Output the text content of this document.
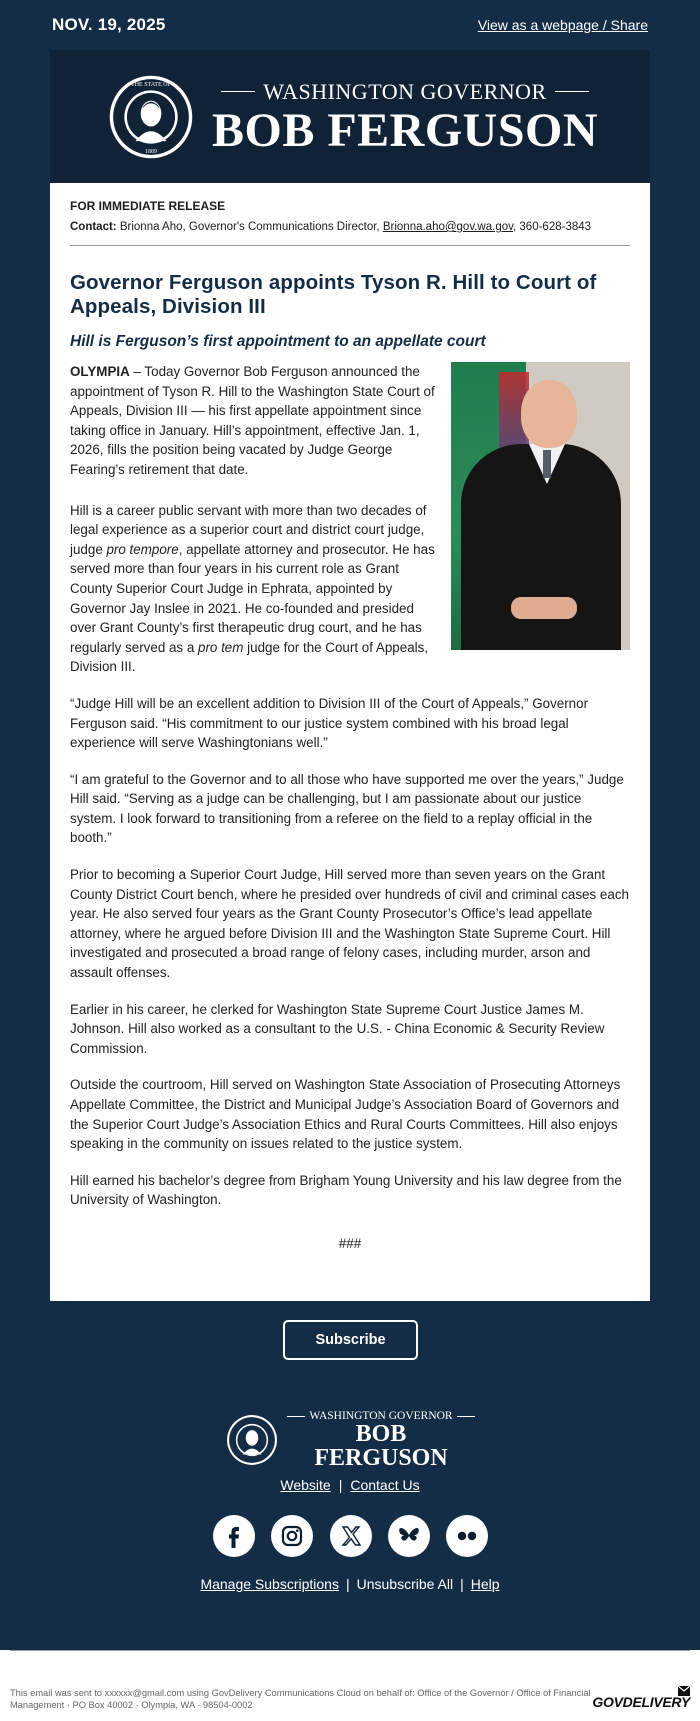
NOV. 19, 2025	View as a webpage / Share
THE STATE OF
1889
WASHINGTON GOVERNOR
BOB FERGUSON
FOR IMMEDIATE RELEASE
Contact: Brionna Aho, Governor's Communications Director, Brionna.aho@gov.wa.gov, 360-628-3843
Governor Ferguson appoints Tyson R. Hill to Court of Appeals, Division III
Hill is Ferguson’s first appointment to an appellate court

OLYMPIA – Today Governor Bob Ferguson announced the appointment of Tyson R. Hill to the Washington State Court of Appeals, Division III — his first appellate appointment since taking office in January. Hill’s appointment, effective Jan. 1, 2026, fills the position being vacated by Judge George Fearing’s retirement that date.

Hill is a career public servant with more than two decades of legal experience as a superior court and district court judge, judge pro tempore, appellate attorney and prosecutor. He has served more than four years in his current role as Grant County Superior Court Judge in Ephrata, appointed by Governor Jay Inslee in 2021. He co-founded and presided over Grant County’s first therapeutic drug court, and he has regularly served as a pro tem judge for the Court of Appeals, Division III.

“Judge Hill will be an excellent addition to Division III of the Court of Appeals,” Governor Ferguson said. “His commitment to our justice system combined with his broad legal experience will serve Washingtonians well.”

“I am grateful to the Governor and to all those who have supported me over the years,” Judge Hill said. “Serving as a judge can be challenging, but I am passionate about our justice system. I look forward to transitioning from a referee on the field to a replay official in the booth.”

Prior to becoming a Superior Court Judge, Hill served more than seven years on the Grant County District Court bench, where he presided over hundreds of civil and criminal cases each year. He also served four years as the Grant County Prosecutor’s Office’s lead appellate attorney, where he argued before Division III and the Washington State Supreme Court. Hill investigated and prosecuted a broad range of felony cases, including murder, arson and assault offenses.

Earlier in his career, he clerked for Washington State Supreme Court Justice James M. Johnson. Hill also worked as a consultant to the U.S. - China Economic & Security Review Commission.

Outside the courtroom, Hill served on Washington State Association of Prosecuting Attorneys Appellate Committee, the District and Municipal Judge’s Association Board of Governors and the Superior Court Judge’s Association Ethics and Rural Courts Committees. Hill also enjoys speaking in the community on issues related to the justice system.

Hill earned his bachelor’s degree from Brigham Young University and his law degree from the University of Washington.

###
Subscribe
WASHINGTON GOVERNOR
BOB FERGUSON
Website | Contact Us
Manage Subscriptions | Unsubscribe All | Help
This email was sent to xxxxxx@gmail.com using GovDelivery Communications Cloud on behalf of: Office of the Governor / Office of Financial Management · PO Box 40002 · Olympia, WA · 98504-0002	GOVDELIVERY
